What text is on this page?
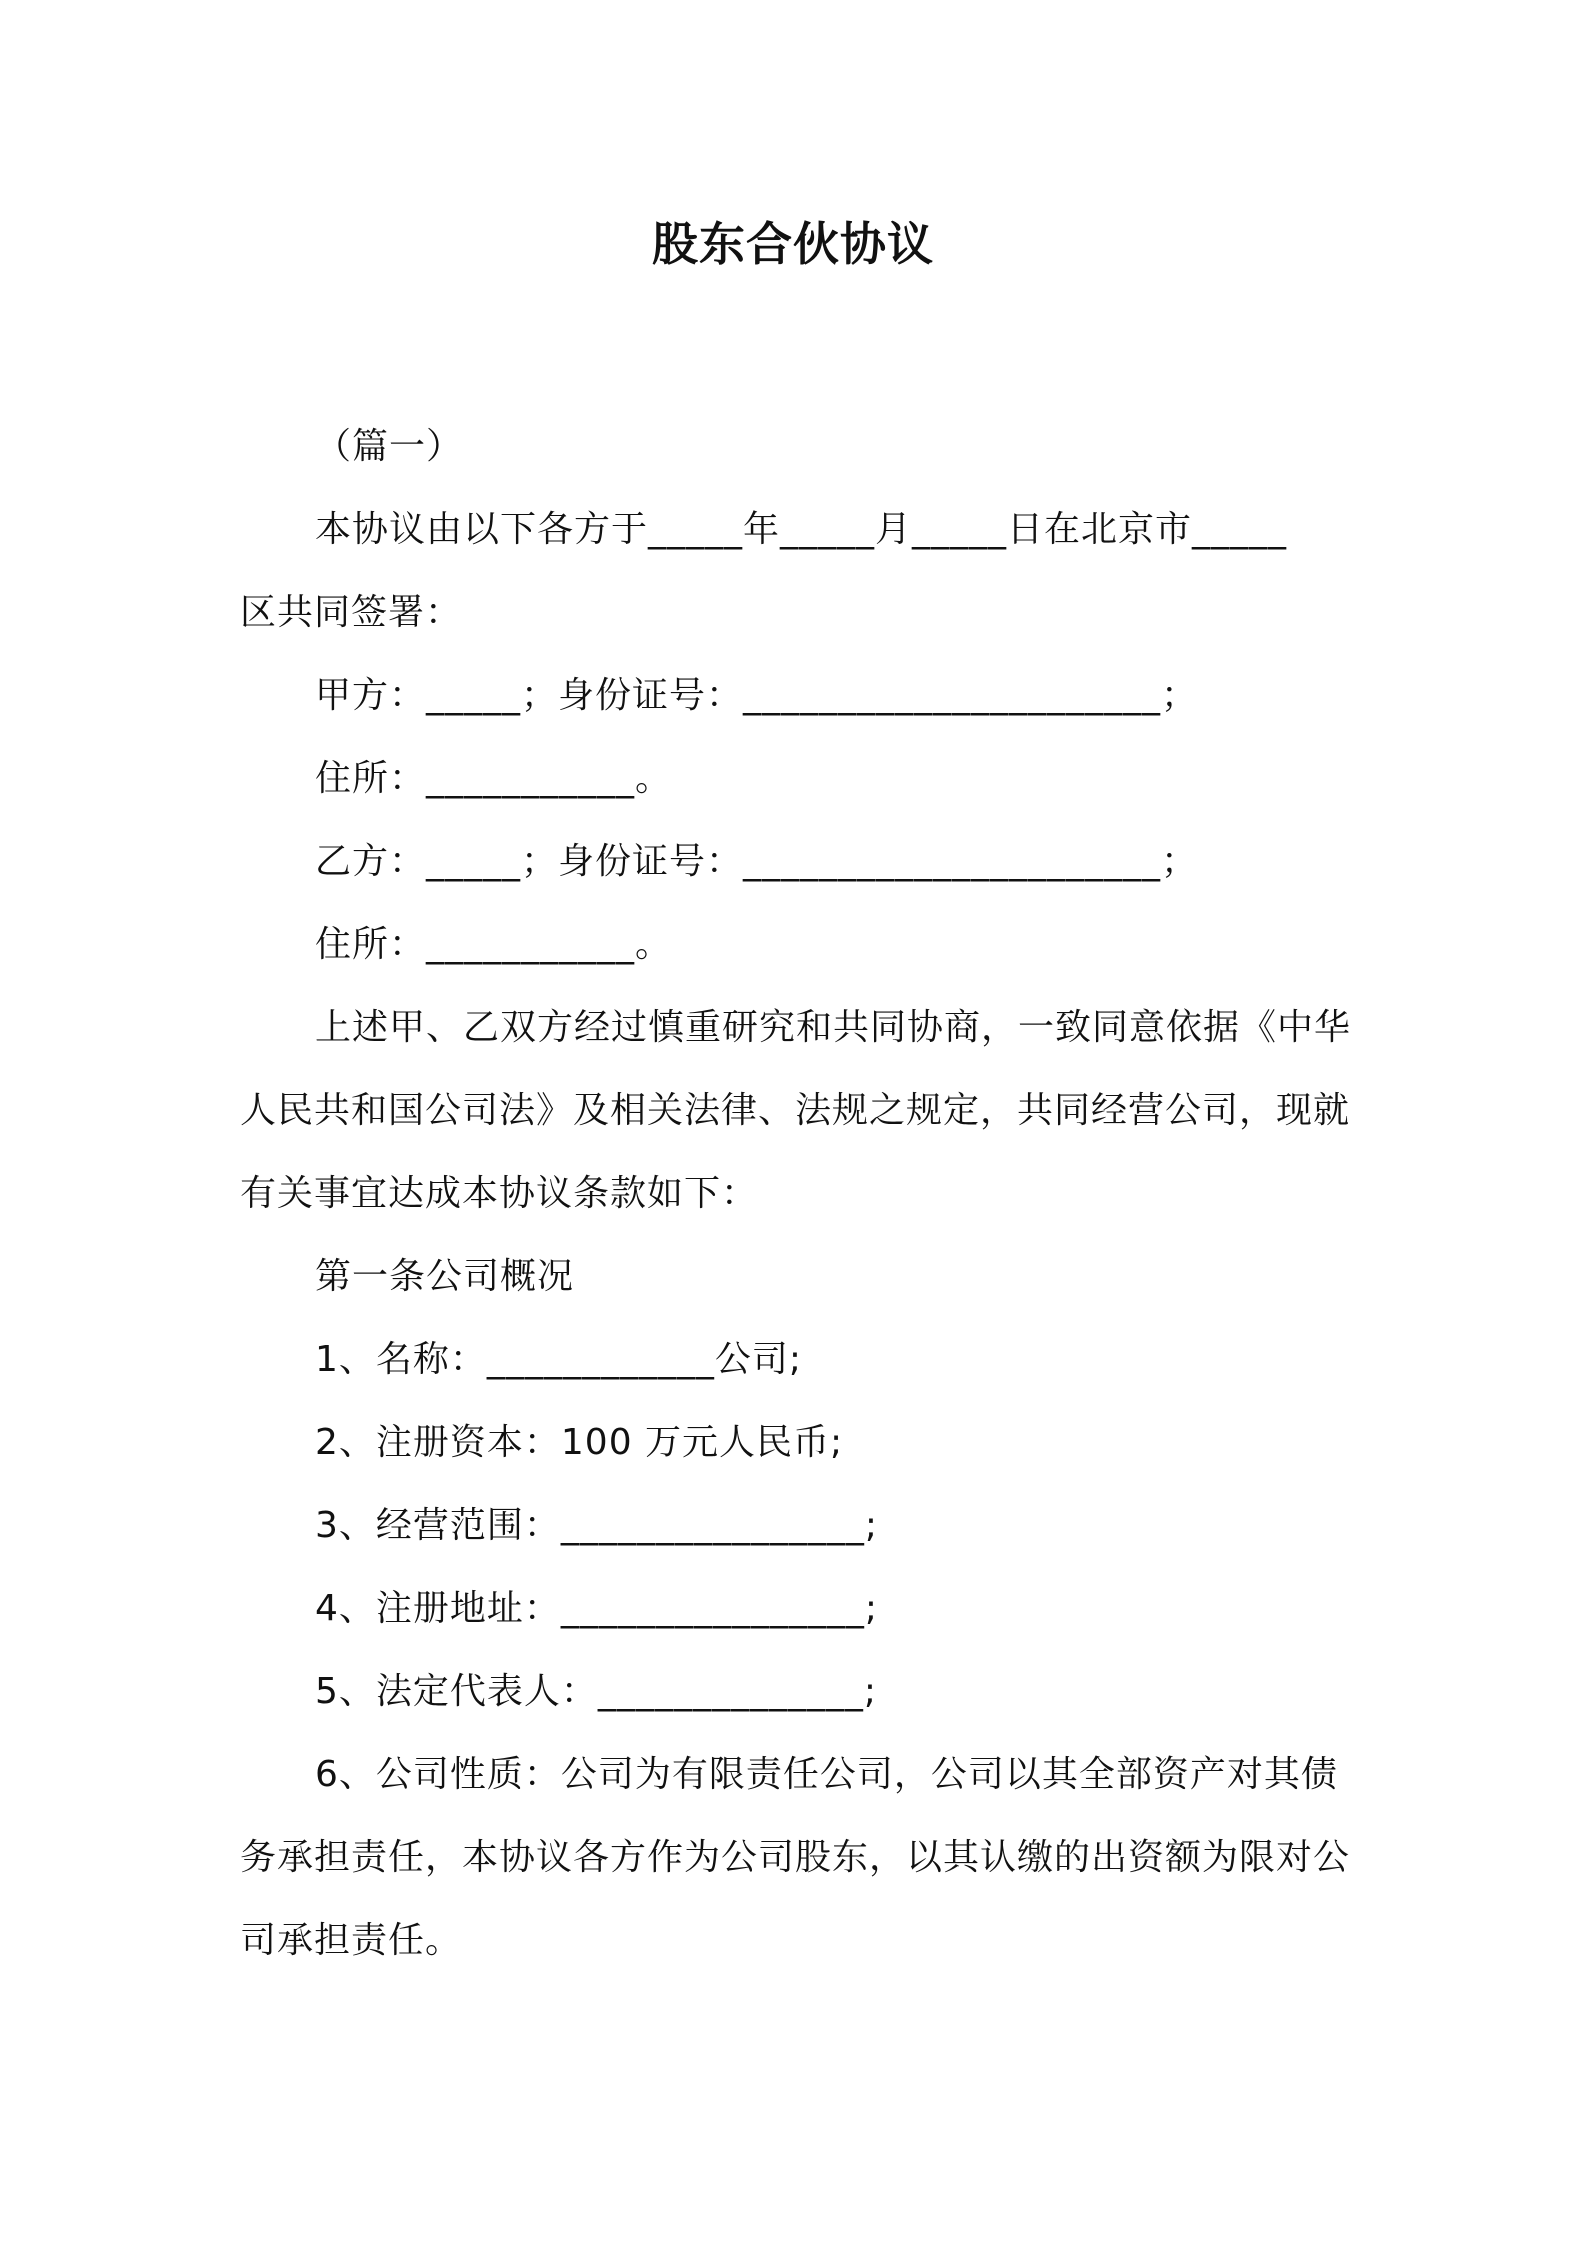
股东合伙协议

（篇一）

本协议由以下各方于_____年_____月_____日在北京市_____

区共同签署：

甲方：_____；身份证号：______________________；

住所：___________。

乙方：_____；身份证号：______________________；

住所：___________。

上述甲、乙双方经过慎重研究和共同协商，一致同意依据《中华

人民共和国公司法》及相关法律、法规之规定，共同经营公司，现就

有关事宜达成本协议条款如下：

第一条公司概况

1、名称：____________公司;

2、注册资本：100 万元人民币;

3、经营范围：________________;

4、注册地址：________________;

5、法定代表人：______________;

6、公司性质：公司为有限责任公司，公司以其全部资产对其债

务承担责任，本协议各方作为公司股东，以其认缴的出资额为限对公

司承担责任。
